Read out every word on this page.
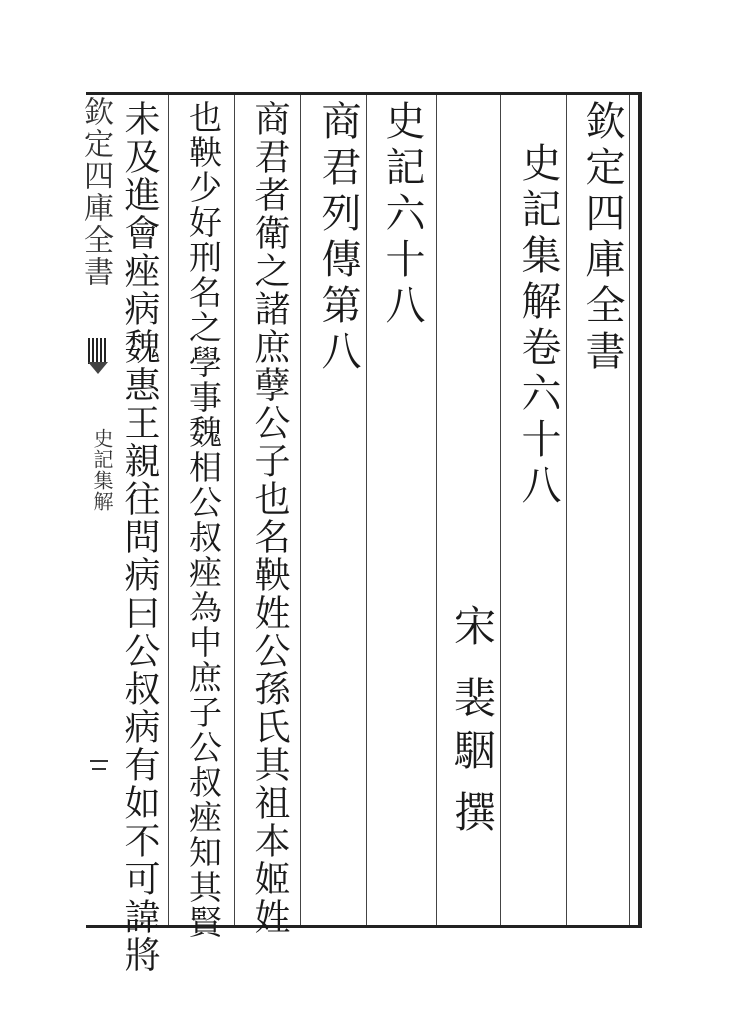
欽定四庫全書
史記集解卷六十八
宋
裴駰
撰
史記六十八
商君列傳第八
商君者衛之諸庶孽公子也名鞅姓公孫氏其祖本姬姓
也鞅少好刑名之學事魏相公叔痤為中庶子公叔痤知其賢
未及進會痤病魏惠王親往問病曰公叔病有如不可諱將
欽定四庫全書
史記集解
